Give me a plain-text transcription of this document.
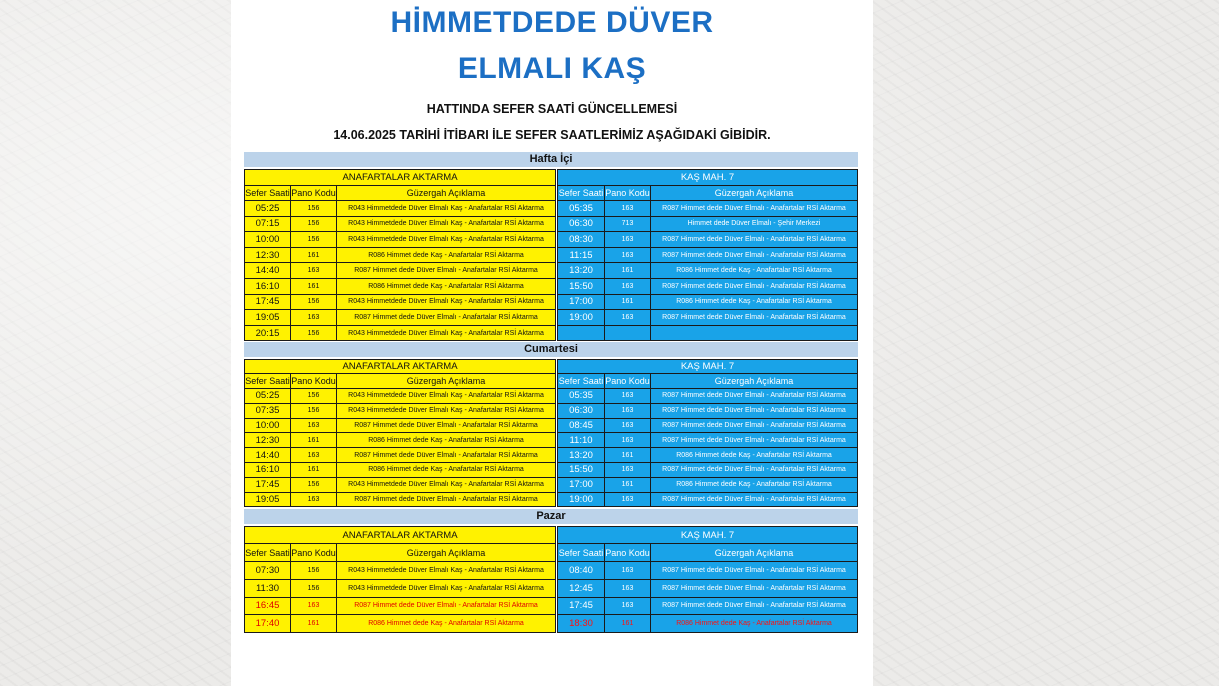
HİMMETDEDE DÜVER
ELMALI KAŞ
HATTINDA SEFER SAATİ GÜNCELLEMESİ
14.06.2025 TARİHİ İTİBARI İLE SEFER SAATLERİMİZ AŞAĞIDAKİ GİBİDİR.
Hafta İçi
ANAFARTALAR AKTARMA		
Sefer Saati	Pano Kodu	Güzergah Açıklama
05:25	156	R043 Himmetdede Düver Elmalı Kaş - Anafartalar RSİ Aktarma
07:15	156	R043 Himmetdede Düver Elmalı Kaş - Anafartalar RSİ Aktarma
10:00	156	R043 Himmetdede Düver Elmalı Kaş - Anafartalar RSİ Aktarma
12:30	161	R086 Himmet dede Kaş - Anafartalar RSİ Aktarma
14:40	163	R087 Himmet dede Düver Elmalı - Anafartalar RSİ Aktarma
16:10	161	R086 Himmet dede Kaş - Anafartalar RSİ Aktarma
17:45	156	R043 Himmetdede Düver Elmalı Kaş - Anafartalar RSİ Aktarma
19:05	163	R087 Himmet dede Düver Elmalı - Anafartalar RSİ Aktarma
20:15	156	R043 Himmetdede Düver Elmalı Kaş - Anafartalar RSİ Aktarma
KAŞ MAH. 7		
Sefer Saati	Pano Kodu	Güzergah Açıklama
05:35	163	R087 Himmet dede Düver Elmalı - Anafartalar RSİ Aktarma
06:30	713	Himmet dede Düver Elmalı - Şehir Merkezi
08:30	163	R087 Himmet dede Düver Elmalı - Anafartalar RSİ Aktarma
11:15	163	R087 Himmet dede Düver Elmalı - Anafartalar RSİ Aktarma
13:20	161	R086 Himmet dede Kaş - Anafartalar RSİ Aktarma
15:50	163	R087 Himmet dede Düver Elmalı - Anafartalar RSİ Aktarma
17:00	161	R086 Himmet dede Kaş - Anafartalar RSİ Aktarma
19:00	163	R087 Himmet dede Düver Elmalı - Anafartalar RSİ Aktarma

Cumartesi
ANAFARTALAR AKTARMA		
Sefer Saati	Pano Kodu	Güzergah Açıklama
05:25	156	R043 Himmetdede Düver Elmalı Kaş - Anafartalar RSİ Aktarma
07:35	156	R043 Himmetdede Düver Elmalı Kaş - Anafartalar RSİ Aktarma
10:00	163	R087 Himmet dede Düver Elmalı - Anafartalar RSİ Aktarma
12:30	161	R086 Himmet dede Kaş - Anafartalar RSİ Aktarma
14:40	163	R087 Himmet dede Düver Elmalı - Anafartalar RSİ Aktarma
16:10	161	R086 Himmet dede Kaş - Anafartalar RSİ Aktarma
17:45	156	R043 Himmetdede Düver Elmalı Kaş - Anafartalar RSİ Aktarma
19:05	163	R087 Himmet dede Düver Elmalı - Anafartalar RSİ Aktarma
KAŞ MAH. 7		
Sefer Saati	Pano Kodu	Güzergah Açıklama
05:35	163	R087 Himmet dede Düver Elmalı - Anafartalar RSİ Aktarma
06:30	163	R087 Himmet dede Düver Elmalı - Anafartalar RSİ Aktarma
08:45	163	R087 Himmet dede Düver Elmalı - Anafartalar RSİ Aktarma
11:10	163	R087 Himmet dede Düver Elmalı - Anafartalar RSİ Aktarma
13:20	161	R086 Himmet dede Kaş - Anafartalar RSİ Aktarma
15:50	163	R087 Himmet dede Düver Elmalı - Anafartalar RSİ Aktarma
17:00	161	R086 Himmet dede Kaş - Anafartalar RSİ Aktarma
19:00	163	R087 Himmet dede Düver Elmalı - Anafartalar RSİ Aktarma
Pazar
ANAFARTALAR AKTARMA		
Sefer Saati	Pano Kodu	Güzergah Açıklama
07:30	156	R043 Himmetdede Düver Elmalı Kaş - Anafartalar RSİ Aktarma
11:30	156	R043 Himmetdede Düver Elmalı Kaş - Anafartalar RSİ Aktarma
16:45	163	R087 Himmet dede Düver Elmalı - Anafartalar RSİ Aktarma
17:40	161	R086 Himmet dede Kaş - Anafartalar RSİ Aktarma
KAŞ MAH. 7		
Sefer Saati	Pano Kodu	Güzergah Açıklama
08:40	163	R087 Himmet dede Düver Elmalı - Anafartalar RSİ Aktarma
12:45	163	R087 Himmet dede Düver Elmalı - Anafartalar RSİ Aktarma
17:45	163	R087 Himmet dede Düver Elmalı - Anafartalar RSİ Aktarma
18:30	161	R086 Himmet dede Kaş - Anafartalar RSİ Aktarma
